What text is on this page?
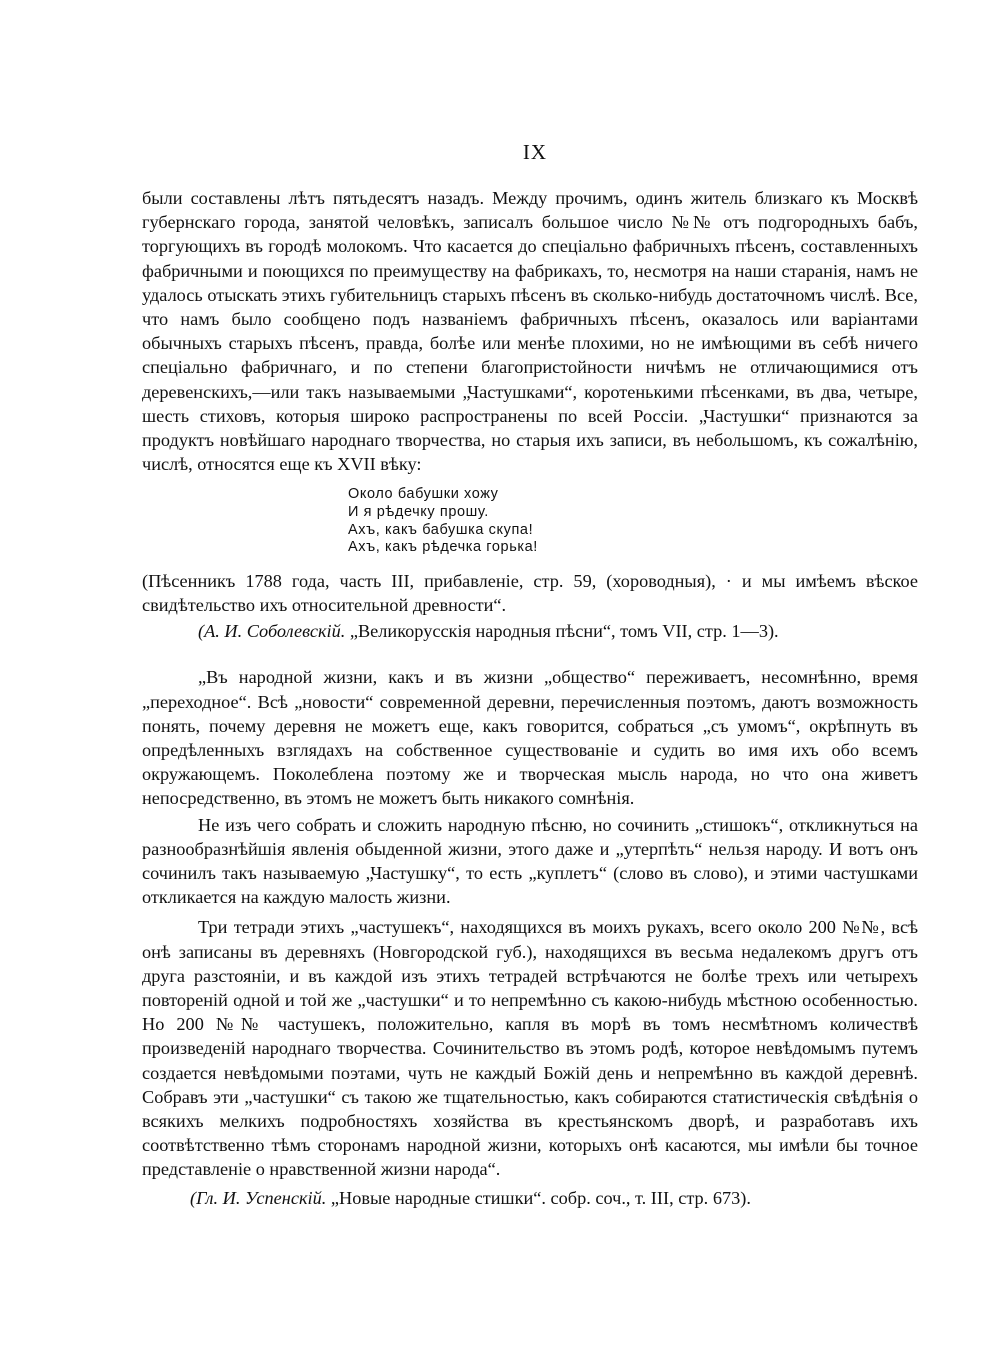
IX

были составлены лѣтъ пятьдесятъ назадъ. Между прочимъ, одинъ житель близкаго къ Москвѣ губернскаго города, занятой человѣкъ, записалъ большое число №№ отъ подгородныхъ бабъ, торгующихъ въ городѣ молокомъ. Что касается до спеціально фабричныхъ пѣсенъ, составленныхъ фабричными и поющихся по преимуществу на фабрикахъ, то, несмотря на наши старанія, намъ не удалось отыскать этихъ губительницъ старыхъ пѣсенъ въ сколько-нибудь достаточномъ числѣ. Все, что намъ было сообщено подъ названіемъ фабричныхъ пѣсенъ, оказалось или варіантами обычныхъ старыхъ пѣсенъ, правда, болѣе или менѣе плохими, но не имѣющими въ себѣ ничего спеціально фабричнаго, и по степени благопристойности ничѣмъ не отличающимися отъ деревенскихъ,—или такъ называемыми „Частушками“, коротенькими пѣсенками, въ два, четыре, шесть стиховъ, которыя широко распространены по всей Россіи. „Частушки“ признаются за продуктъ новѣйшаго народнаго творчества, но старыя ихъ записи, въ небольшомъ, къ сожалѣнію, числѣ, относятся еще къ XVII вѣку:

Около бабушки хожу
И я рѣдечку прошу.
Ахъ, какъ бабушка скупа!
Ахъ, какъ рѣдечка горька!

(Пѣсенникъ 1788 года, часть III, прибавленіе, стр. 59, (хороводныя), · и мы имѣемъ вѣское свидѣтельство ихъ относительной древности“.

(А. И. Соболевскій. „Великорусскія народныя пѣсни“, томъ VII, стр. 1—3).

„Въ народной жизни, какъ и въ жизни „общество“ переживаетъ, несомнѣнно, время „переходное“. Всѣ „новости“ современной деревни, перечисленныя поэтомъ, даютъ возможность понять, почему деревня не можетъ еще, какъ говорится, собраться „съ умомъ“, окрѣпнуть въ опредѣленныхъ взглядахъ на собственное существованіе и судить во имя ихъ обо всемъ окружающемъ. Поколеблена поэтому же и творческая мысль народа, но что она живетъ непосредственно, въ этомъ не можетъ быть никакого сомнѣнія.

Не изъ чего собрать и сложить народную пѣсню, но сочинить „стишокъ“, откликнуться на разнообразнѣйшія явленія обыденной жизни, этого даже и „утерпѣть“ нельзя народу. И вотъ онъ сочинилъ такъ называемую „Частушку“, то есть „куплетъ“ (слово въ слово), и этими частушками откликается на каждую малость жизни.

Три тетради этихъ „частушекъ“, находящихся въ моихъ рукахъ, всего около 200 №№, всѣ онѣ записаны въ деревняхъ (Новгородской губ.), находящихся въ весьма недалекомъ другъ отъ друга разстояніи, и въ каждой изъ этихъ тетрадей встрѣчаются не болѣе трехъ или четырехъ повтореній одной и той же „частушки“ и то непремѣнно съ какою-нибудь мѣстною особенностью. Но 200 №№ частушекъ, положительно, капля въ морѣ въ томъ несмѣтномъ количествѣ произведеній народнаго творчества. Сочинительство въ этомъ родѣ, которое невѣдомымъ путемъ создается невѣдомыми поэтами, чуть не каждый Божій день и непремѣнно въ каждой деревнѣ. Собравъ эти „частушки“ съ такою же тщательностью, какъ собираются статистическія свѣдѣнія о всякихъ мелкихъ подробностяхъ хозяйства въ крестьянскомъ дворѣ, и разработавъ ихъ соотвѣтственно тѣмъ сторонамъ народной жизни, которыхъ онѣ касаются, мы имѣли бы точное представленіе о нравственной жизни народа“.

(Гл. И. Успенскій. „Новые народные стишки“. собр. соч., т. III, стр. 673).
